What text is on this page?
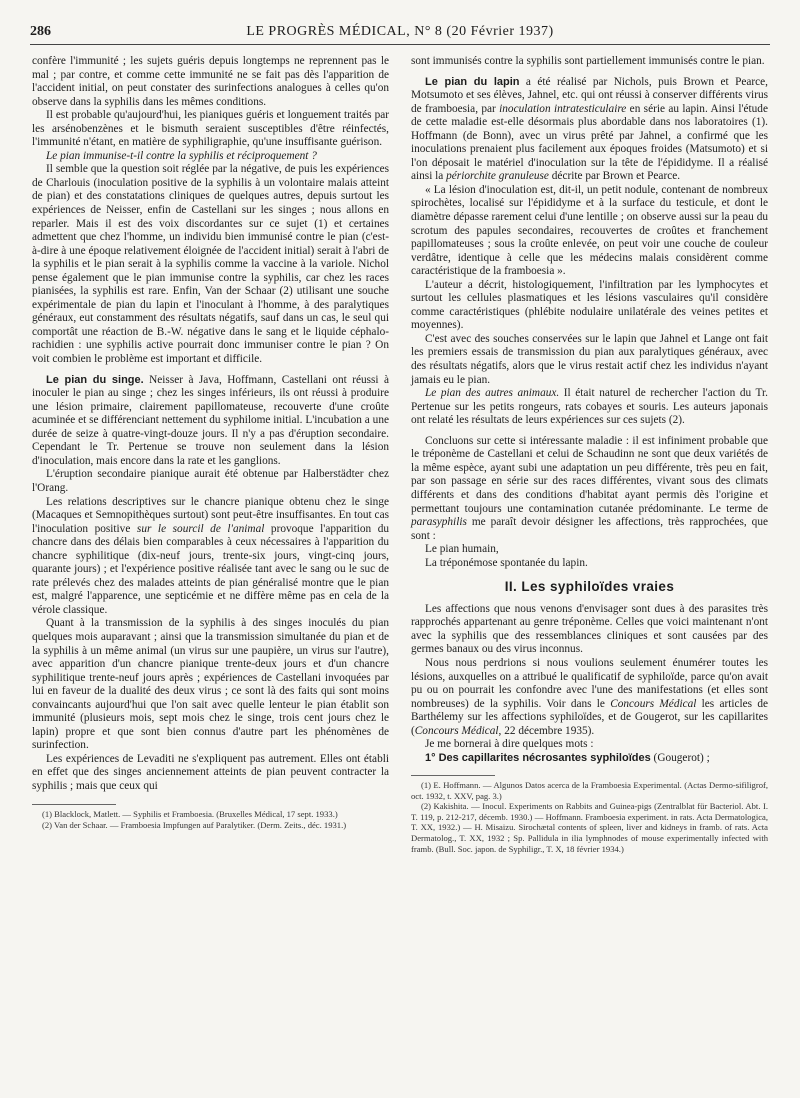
286	LE PROGRÈS MÉDICAL, N° 8 (20 Février 1937)

confère l'immunité ; les sujets guéris depuis longtemps ne reprennent pas le mal ; par contre, et comme cette immunité ne se fait pas dès l'apparition de l'accident initial, on peut constater des surinfections analogues à celles qu'on observe dans la syphilis dans les mêmes conditions.

Il est probable qu'aujourd'hui, les pianiques guéris et longuement traités par les arsénobenzènes et le bismuth seraient susceptibles d'être réinfectés, l'immunité n'étant, en matière de syphiligraphie, qu'une insuffisante guérison.

Le pian immunise-t-il contre la syphilis et réciproquement ?

Il semble que la question soit réglée par la négative, de puis les expériences de Charlouis (inoculation positive de la syphilis à un volontaire malais atteint de pian) et des constatations cliniques de quelques autres, depuis surtout les expériences de Neisser, enfin de Castellani sur les singes ; nous allons en reparler. Mais il est des voix discordantes sur ce sujet (1) et certaines admettent que chez l'homme, un individu bien immunisé contre le pian (c'est-à-dire à une époque relativement éloignée de l'accident initial) serait à l'abri de la syphilis et le pian serait à la syphilis comme la vaccine à la variole. Nichol pense également que le pian immunise contre la syphilis, car chez les races pianisées, la syphilis est rare. Enfin, Van der Schaar (2) utilisant une souche expérimentale de pian du lapin et l'inoculant à l'homme, à des paralytiques généraux, eut constamment des résultats négatifs, sauf dans un cas, le seul qui comportât une réaction de B.-W. négative dans le sang et le liquide céphalo-rachidien : une syphilis active pourrait donc immuniser contre le pian ? On voit combien le problème est important et difficile.

Le pian du singe. Neisser à Java, Hoffmann, Castellani ont réussi à inoculer le pian au singe ; chez les singes inférieurs, ils ont réussi à produire une lésion primaire, clairement papillomateuse, recouverte d'une croûte acuminée et se différenciant nettement du syphilome initial. L'incubation a une durée de seize à quatre-vingt-douze jours. Il n'y a pas d'éruption secondaire. Cependant le Tr. Pertenue se trouve non seulement dans la lésion d'inoculation, mais encore dans la rate et les ganglions.

L'éruption secondaire pianique aurait été obtenue par Halberstädter chez l'Orang.

Les relations descriptives sur le chancre pianique obtenu chez le singe (Macaques et Semnopithèques surtout) sont peut-être insuffisantes. En tout cas l'inoculation positive sur le sourcil de l'animal provoque l'apparition du chancre dans des délais bien comparables à ceux nécessaires à l'apparition du chancre syphilitique (dix-neuf jours, trente-six jours, vingt-cinq jours, quarante jours) ; et l'expérience positive réalisée tant avec le sang ou le suc de rate prélevés chez des malades atteints de pian généralisé montre que le pian est, malgré l'apparence, une septicémie et ne diffère même pas en cela de la vérole classique.

Quant à la transmission de la syphilis à des singes inoculés du pian quelques mois auparavant ; ainsi que la transmission simultanée du pian et de la syphilis à un même animal (un virus sur une paupière, un virus sur l'autre), avec apparition d'un chancre pianique trente-deux jours et d'un chancre syphilitique trente-neuf jours après ; expériences de Castellani invoquées par lui en faveur de la dualité des deux virus ; ce sont là des faits qui sont moins convaincants aujourd'hui que l'on sait avec quelle lenteur le pian établit son immunité (plusieurs mois, sept mois chez le singe, trois cent jours chez le lapin) propre et que sont bien connus d'autre part les phénomènes de surinfection.

Les expériences de Levaditi ne s'expliquent pas autrement. Elles ont établi en effet que des singes anciennement atteints de pian peuvent contracter la syphilis ; mais que ceux qui

(1) Blacklock, Matlett. — Syphilis et Framboesia. (Bruxelles Médical, 17 sept. 1933.)

(2) Van der Schaar. — Framboesia Impfungen auf Paralytiker. (Derm. Zeits., déc. 1931.)

sont immunisés contre la syphilis sont partiellement immunisés contre le pian.

Le pian du lapin a été réalisé par Nichols, puis Brown et Pearce, Motsumoto et ses élèves, Jahnel, etc. qui ont réussi à conserver différents virus de framboesia, par inoculation intratesticulaire en série au lapin. Ainsi l'étude de cette maladie est-elle désormais plus abordable dans nos laboratoires (1). Hoffmann (de Bonn), avec un virus prêté par Jahnel, a confirmé que les inoculations prenaient plus facilement aux époques froides (Matsumoto) et si l'on déposait le matériel d'inoculation sur la tête de l'épididyme. Il a réalisé ainsi la périorchite granuleuse décrite par Brown et Pearce.

« La lésion d'inoculation est, dit-il, un petit nodule, contenant de nombreux spirochètes, localisé sur l'épididyme et à la surface du testicule, et dont le diamètre dépasse rarement celui d'une lentille ; on observe aussi sur la peau du scrotum des papules secondaires, recouvertes de croûtes et franchement papillomateuses ; sous la croûte enlevée, on peut voir une couche de couleur verdâtre, identique à celle que les médecins malais considèrent comme caractéristique de la framboesia ».

L'auteur a décrit, histologiquement, l'infiltration par les lymphocytes et surtout les cellules plasmatiques et les lésions vasculaires qu'il considère comme caractéristiques (phlébite nodulaire unilatérale des veines petites et moyennes).

C'est avec des souches conservées sur le lapin que Jahnel et Lange ont fait les premiers essais de transmission du pian aux paralytiques généraux, avec des résultats négatifs, alors que le virus restait actif chez les individus n'ayant jamais eu le pian.

Le pian des autres animaux. Il était naturel de rechercher l'action du Tr. Pertenue sur les petits rongeurs, rats cobayes et souris. Les auteurs japonais ont relaté les résultats de leurs expériences sur ces sujets (2).

Concluons sur cette si intéressante maladie : il est infiniment probable que le tréponème de Castellani et celui de Schaudinn ne sont que deux variétés de la même espèce, ayant subi une adaptation un peu différente, très peu en fait, par son passage en série sur des races différentes, vivant sous des climats différents et dans des conditions d'habitat ayant permis dès l'origine et permettant toujours une contamination cutanée prédominante. Le terme de parasyphilis me paraît devoir désigner les affections, très rapprochées, que sont :

Le pian humain,

La tréponémose spontanée du lapin.

II. Les syphiloïdes vraies

Les affections que nous venons d'envisager sont dues à des parasites très rapprochés appartenant au genre tréponème. Celles que voici maintenant n'ont avec la syphilis que des ressemblances cliniques et sont causées par des germes banaux ou des virus inconnus.

Nous nous perdrions si nous voulions seulement énumérer toutes les lésions, auxquelles on a attribué le qualificatif de syphiloïde, parce qu'on avait pu ou on pourrait les confondre avec l'une des manifestations (et elles sont nombreuses) de la syphilis. Voir dans le Concours Médical les articles de Barthélemy sur les affections syphiloïdes, et de Gougerot, sur les capillarites (Concours Médical, 22 décembre 1935).

Je me bornerai à dire quelques mots :

1° Des capillarites nécrosantes syphiloïdes (Gougerot) ;

(1) E. Hoffmann. — Algunos Datos acerca de la Framboesia Experimental. (Actas Dermo-sifiligrof, oct. 1932, t. XXV, pag. 3.)

(2) Kakishita. — Inocul. Experiments on Rabbits and Guinea-pigs (Zentralblat für Bacteriol. Abt. I. T. 119, p. 212-217, décemb. 1930.) — Hoffmann. Framboesia experiment. in rats. Acta Dermatologica, T. XX, 1932.) — H. Misaizu. Sirochætal contents of spleen, liver and kidneys in framb. of rats. Acta Dermatolog., T. XX, 1932 ; Sp. Pallidula in ilia lymphnodes of mouse experimentally infected with framb. (Bull. Soc. japon. de Syphiligr., T. X, 18 février 1934.)
